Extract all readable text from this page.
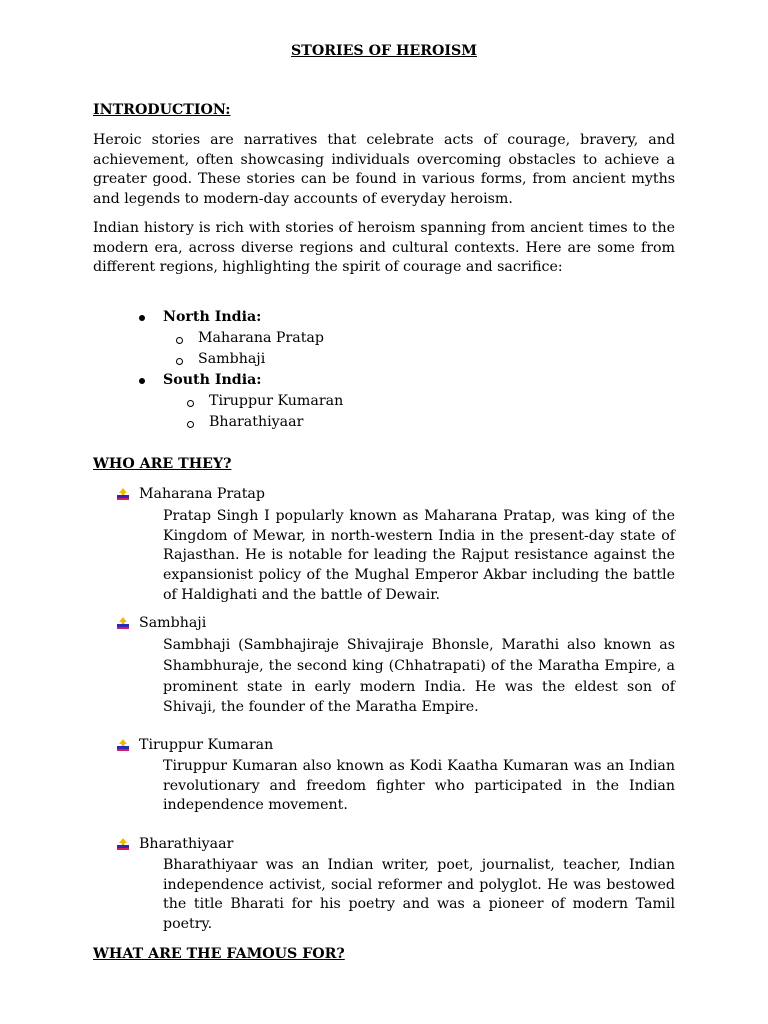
STORIES OF HEROISM
INTRODUCTION:

Heroic stories are narratives that celebrate acts of courage, bravery, and achievement, often showcasing individuals overcoming obstacles to achieve a greater good. These stories can be found in various forms, from ancient myths and legends to modern-day accounts of everyday heroism.

Indian history is rich with stories of heroism spanning from ancient times to the modern era, across diverse regions and cultural contexts. Here are some from different regions, highlighting the spirit of courage and sacrifice:

North India:
Maharana Pratap
Sambhaji
South India:
Tiruppur Kumaran
Bharathiyaar
WHO ARE THEY?
Maharana Pratap

Pratap Singh I popularly known as Maharana Pratap, was king of the Kingdom of Mewar, in north-western India in the present-day state of Rajasthan. He is notable for leading the Rajput resistance against the expansionist policy of the Mughal Emperor Akbar including the battle of Haldighati and the battle of Dewair.

Sambhaji

Sambhaji (Sambhajiraje Shivajiraje Bhonsle, Marathi also known as Shambhuraje, the second king (Chhatrapati) of the Maratha Empire, a prominent state in early modern India. He was the eldest son of Shivaji, the founder of the Maratha Empire.

Tiruppur Kumaran

Tiruppur Kumaran also known as Kodi Kaatha Kumaran was an Indian revolutionary and freedom fighter who participated in the Indian independence movement.

Bharathiyaar

Bharathiyaar was an Indian writer, poet, journalist, teacher, Indian independence activist, social reformer and polyglot. He was bestowed the title Bharati for his poetry and was a pioneer of modern Tamil poetry.

WHAT ARE THE FAMOUS FOR?
